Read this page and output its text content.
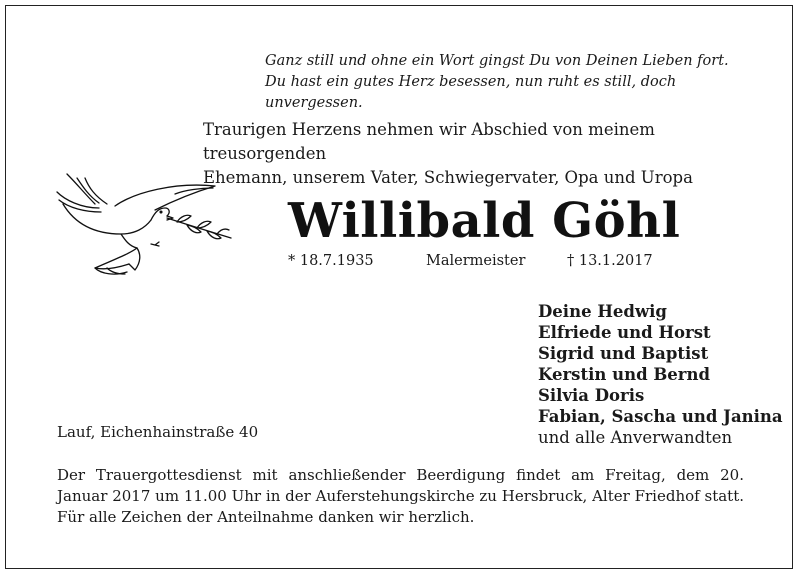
Ganz still und ohne ein Wort gingst Du von Deinen Lieben fort.
Du hast ein gutes Herz besessen, nun ruht es still, doch unvergessen.
Traurigen Herzens nehmen wir Abschied von meinem treusorgenden
Ehemann, unserem Vater, Schwiegervater, Opa und Uropa
Willibald Göhl
* 18.7.1935	Malermeister	† 13.1.2017
Deine Hedwig
Elfriede und Horst
Sigrid und Baptist
Kerstin und Bernd
Silvia Doris
Fabian, Sascha und Janina
und alle Anverwandten
Lauf, Eichenhainstraße 40
Der Trauergottesdienst mit anschließender Beerdigung findet am Freitag, dem 20. Januar 2017 um 11.00 Uhr in der Auferstehungskirche zu Hersbruck, Alter Friedhof statt. Für alle Zeichen der Anteilnahme danken wir herzlich.
